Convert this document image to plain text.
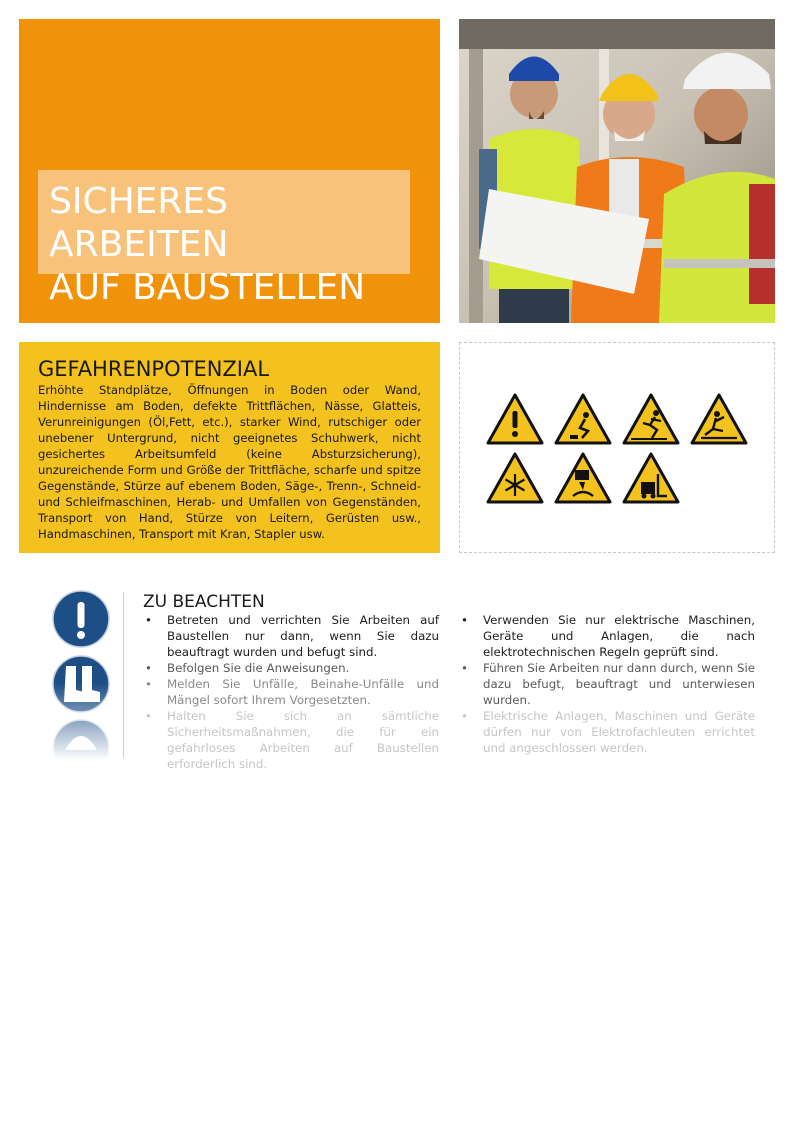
SICHERES ARBEITEN
AUF BAUSTELLEN
GEFAHRENPOTENZIAL
Erhöhte Standplätze, Öffnungen in Boden oder Wand, Hindernisse am Boden, defekte Trittflächen, Nässe, Glatteis, Verunreinigungen (Öl,Fett, etc.), starker Wind, rutschiger oder unebener Untergrund, nicht geeignetes Schuhwerk, nicht gesichertes Arbeitsumfeld (keine Absturzsicherung), unzureichende Form und Größe der Trittfläche, scharfe und spitze Gegenstände, Stürze auf ebenem Boden, Säge-, Trenn-, Schneid- und Schleifmaschinen, Herab- und Umfallen von Gegenständen, Transport von Hand, Stürze von Leitern, Gerüsten usw., Handmaschinen, Transport mit Kran, Stapler usw.
ZU BEACHTEN
• Betreten und verrichten Sie Arbeiten auf Baustellen nur dann, wenn Sie dazu beauftragt wurden und befugt sind.
• Befolgen Sie die Anweisungen.
• Melden Sie Unfälle, Beinahe-Unfälle und Mängel sofort Ihrem Vorgesetzten.
• Halten Sie sich an sämtliche Sicherheitsmaßnahmen, die für ein gefahrloses Arbeiten auf Baustellen erforderlich sind.
• Verwenden Sie nur elektrische Maschinen, Geräte und Anlagen, die nach elektrotechnischen Regeln geprüft sind.
• Führen Sie Arbeiten nur dann durch, wenn Sie dazu befugt, beauftragt und unterwiesen wurden.
• Elektrische Anlagen, Maschinen und Geräte dürfen nur von Elektrofachleuten errichtet und angeschlossen werden.
